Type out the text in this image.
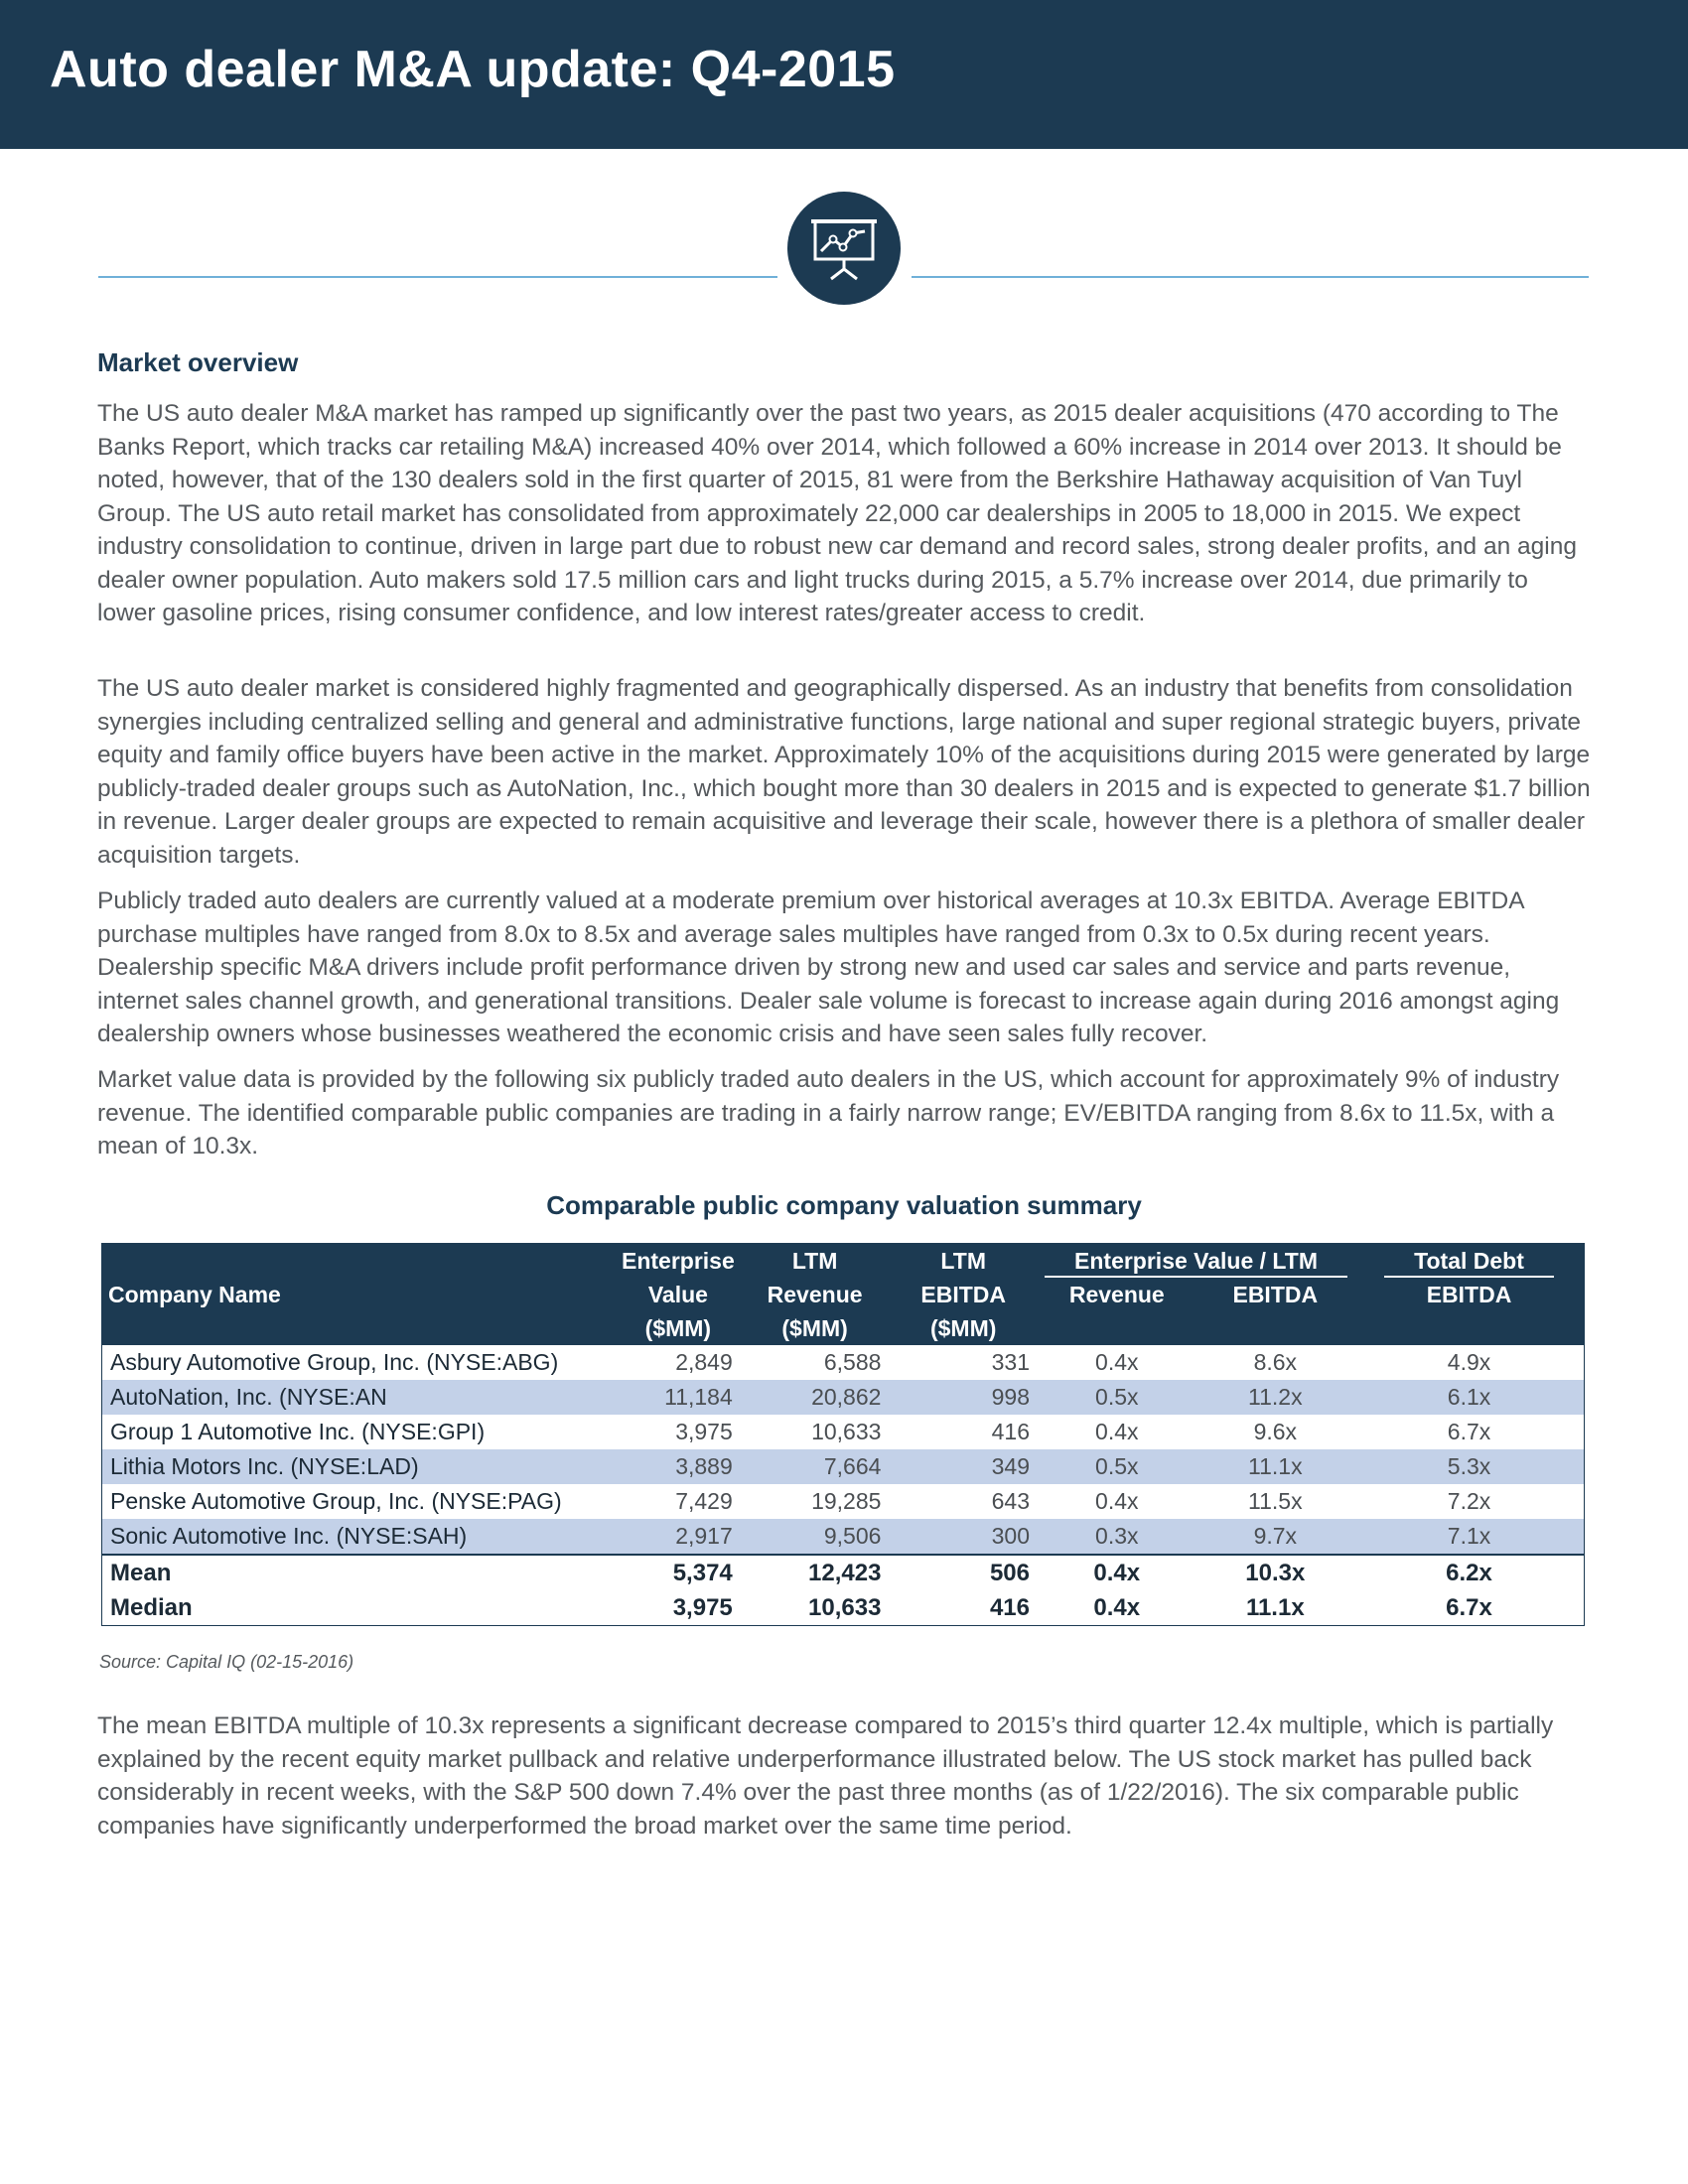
Auto dealer M&A update: Q4-2015
Market overview

The US auto dealer M&A market has ramped up significantly over the past two years, as 2015 dealer acquisitions (470 according to The Banks Report, which tracks car retailing M&A) increased 40% over 2014, which followed a 60% increase in 2014 over 2013. It should be noted, however, that of the 130 dealers sold in the first quarter of 2015, 81 were from the Berkshire Hathaway acquisition of Van Tuyl Group. The US auto retail market has consolidated from approximately 22,000 car dealerships in 2005 to 18,000 in 2015. We expect industry consolidation to continue, driven in large part due to robust new car demand and record sales, strong dealer profits, and an aging dealer owner population. Auto makers sold 17.5 million cars and light trucks during 2015, a 5.7% increase over 2014, due primarily to lower gasoline prices, rising consumer confidence, and low interest rates/greater access to credit.

The US auto dealer market is considered highly fragmented and geographically dispersed. As an industry that benefits from consolidation synergies including centralized selling and general and administrative functions, large national and super regional strategic buyers, private equity and family office buyers have been active in the market. Approximately 10% of the acquisitions during 2015 were generated by large publicly-traded dealer groups such as AutoNation, Inc., which bought more than 30 dealers in 2015 and is expected to generate $1.7 billion in revenue. Larger dealer groups are expected to remain acquisitive and leverage their scale, however there is a plethora of smaller dealer acquisition targets.

Publicly traded auto dealers are currently valued at a moderate premium over historical averages at 10.3x EBITDA. Average EBITDA purchase multiples have ranged from 8.0x to 8.5x and average sales multiples have ranged from 0.3x to 0.5x during recent years. Dealership specific M&A drivers include profit performance driven by strong new and used car sales and service and parts revenue, internet sales channel growth, and generational transitions. Dealer sale volume is forecast to increase again during 2016 amongst aging dealership owners whose businesses weathered the economic crisis and have seen sales fully recover.

Market value data is provided by the following six publicly traded auto dealers in the US, which account for approximately 9% of industry revenue. The identified comparable public companies are trading in a fairly narrow range; EV/EBITDA ranging from 8.6x to 11.5x, with a mean of 10.3x.

Comparable public company valuation summary
	Enterprise	LTM	LTM	Enterprise Value / LTM		Total Debt
Company Name	Value	Revenue	EBITDA	Revenue	EBITDA	EBITDA
	($MM)	($MM)	($MM)			
Asbury Automotive Group, Inc. (NYSE:ABG)	2,849	6,588	331	0.4x	8.6x	4.9x
AutoNation, Inc. (NYSE:AN	11,184	20,862	998	0.5x	11.2x	6.1x
Group 1 Automotive Inc. (NYSE:GPI)	3,975	10,633	416	0.4x	9.6x	6.7x
Lithia Motors Inc. (NYSE:LAD)	3,889	7,664	349	0.5x	11.1x	5.3x
Penske Automotive Group, Inc. (NYSE:PAG)	7,429	19,285	643	0.4x	11.5x	7.2x
Sonic Automotive Inc. (NYSE:SAH)	2,917	9,506	300	0.3x	9.7x	7.1x
Mean	5,374	12,423	506	0.4x	10.3x	6.2x
Median	3,975	10,633	416	0.4x	11.1x	6.7x

Source: Capital IQ (02-15-2016)

The mean EBITDA multiple of 10.3x represents a significant decrease compared to 2015’s third quarter 12.4x multiple, which is partially explained by the recent equity market pullback and relative underperformance illustrated below. The US stock market has pulled back considerably in recent weeks, with the S&P 500 down 7.4% over the past three months (as of 1/22/2016). The six comparable public companies have significantly underperformed the broad market over the same time period.
